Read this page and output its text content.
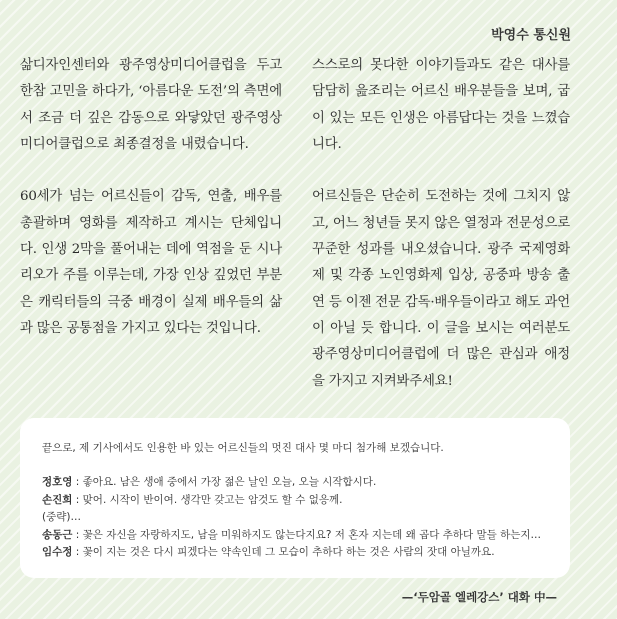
박영수 통신원

삶디자인센터와 광주영상미디어클럽을 두고 한참 고민을 하다가, ‘아름다운 도전’의 측면에서 조금 더 깊은 감동으로 와닿았던 광주영상미디어클럽으로 최종결정을 내렸습니다.

60세가 넘는 어르신들이 감독, 연출, 배우를 총괄하며 영화를 제작하고 계시는 단체입니다. 인생 2막을 풀어내는 데에 역점을 둔 시나리오가 주를 이루는데, 가장 인상 깊었던 부분은 캐릭터들의 극중 배경이 실제 배우들의 삶과 많은 공통점을 가지고 있다는 것입니다.

스스로의 못다한 이야기들과도 같은 대사를 담담히 읊조리는 어르신 배우분들을 보며, 굽이 있는 모든 인생은 아름답다는 것을 느꼈습니다.

어르신들은 단순히 도전하는 것에 그치지 않고, 어느 청년들 못지 않은 열정과 전문성으로 꾸준한 성과를 내오셨습니다. 광주 국제영화제 및 각종 노인영화제 입상, 공중파 방송 출연 등 이젠 전문 감독·배우들이라고 해도 과언이 아닐 듯 합니다. 이 글을 보시는 여러분도 광주영상미디어클럽에 더 많은 관심과 애정을 가지고 지켜봐주세요!

끝으로, 제 기사에서도 인용한 바 있는 어르신들의 멋진 대사 몇 마디 첨가해 보겠습니다.
정호영 : 좋아요. 남은 생애 중에서 가장 젊은 날인 오늘, 오늘 시작합시다.
손진희 : 맞어. 시작이 반이여. 생각만 갖고는 암것도 할 수 없응께.
(중략)…
송동근 : 꽃은 자신을 자랑하지도, 남을 미워하지도 않는다지요? 저 혼자 지는데 왜 곱다 추하다 말들 하는지…
임수정 : 꽃이 지는 것은 다시 피겠다는 약속인데 그 모습이 추하다 하는 것은 사람의 잣대 아닐까요.
—‘두암골 엘레강스’ 대화 中—
